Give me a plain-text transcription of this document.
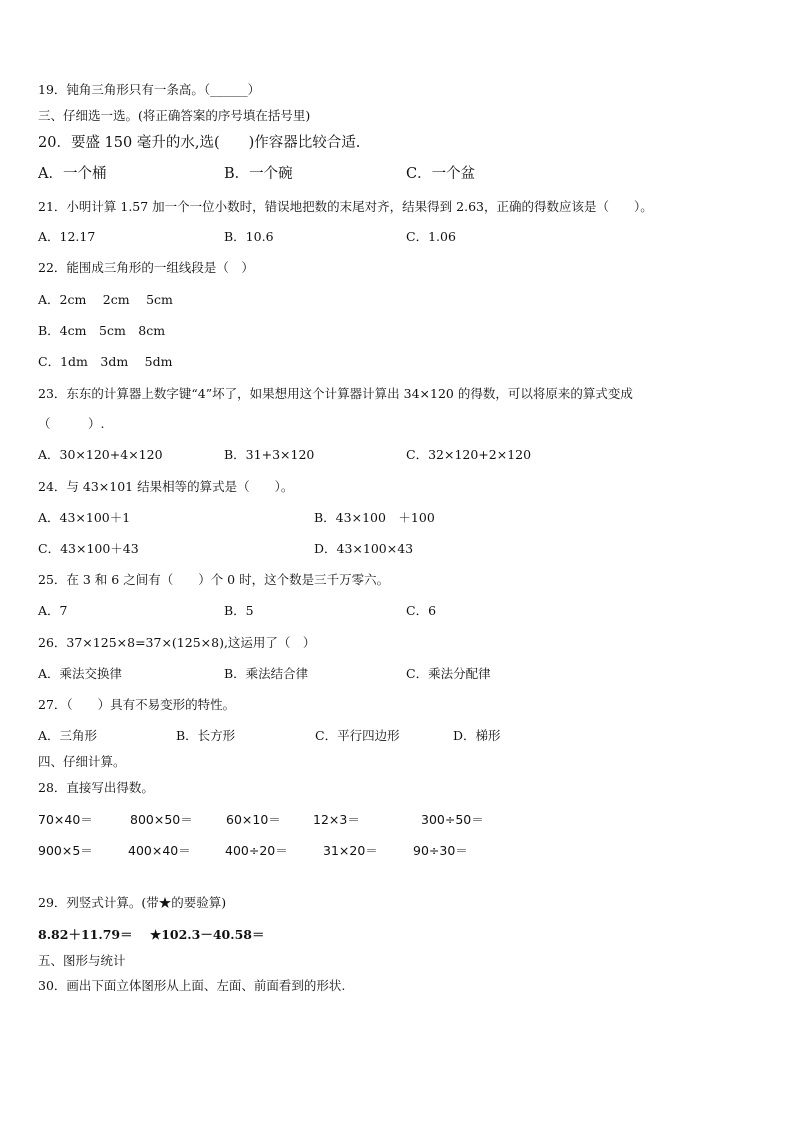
19．钝角三角形只有一条高。（______）
三、仔细选一选。(将正确答案的序号填在括号里)
20．要盛 150 毫升的水,选(　　)作容器比较合适.
A．一个桶	B．一个碗	C．一个盆
21．小明计算 1.57 加一个一位小数时，错误地把数的末尾对齐，结果得到 2.63，正确的得数应该是（　　）。
A．12.17	B．10.6	C．1.06
22．能围成三角形的一组线段是（　）
A．2cm　 2cm　 5cm
B．4cm　5cm　8cm
C．1dm　3dm　 5dm
23．东东的计算器上数字键“4”坏了，如果想用这个计算器计算出 34×120 的得数，可以将原来的算式变成
（　　　）.
A．30×120+4×120	B．31+3×120	C．32×120+2×120
24．与 43×101 结果相等的算式是（　　）。
A．43×100＋1	B．43×100　＋100
C．43×100＋43	D．43×100×43
25．在 3 和 6 之间有（　　）个 0 时，这个数是三千万零六。
A．7	B．5	C．6
26．37×125×8=37×(125×8),这运用了（　）
A．乘法交换律	B．乘法结合律	C．乘法分配律
27．（　　）具有不易变形的特性。
A．三角形	B．长方形	C．平行四边形	D．梯形
四、仔细计算。
28．直接写出得数。
70×40＝	800×50＝	60×10＝	12×3＝	300÷50＝
900×5＝	400×40＝	400÷20＝	31×20＝	90÷30＝
29．列竖式计算。(带★的要验算)
8.82＋11.79＝ ★102.3－40.58＝
五、图形与统计
30．画出下面立体图形从上面、左面、前面看到的形状.
